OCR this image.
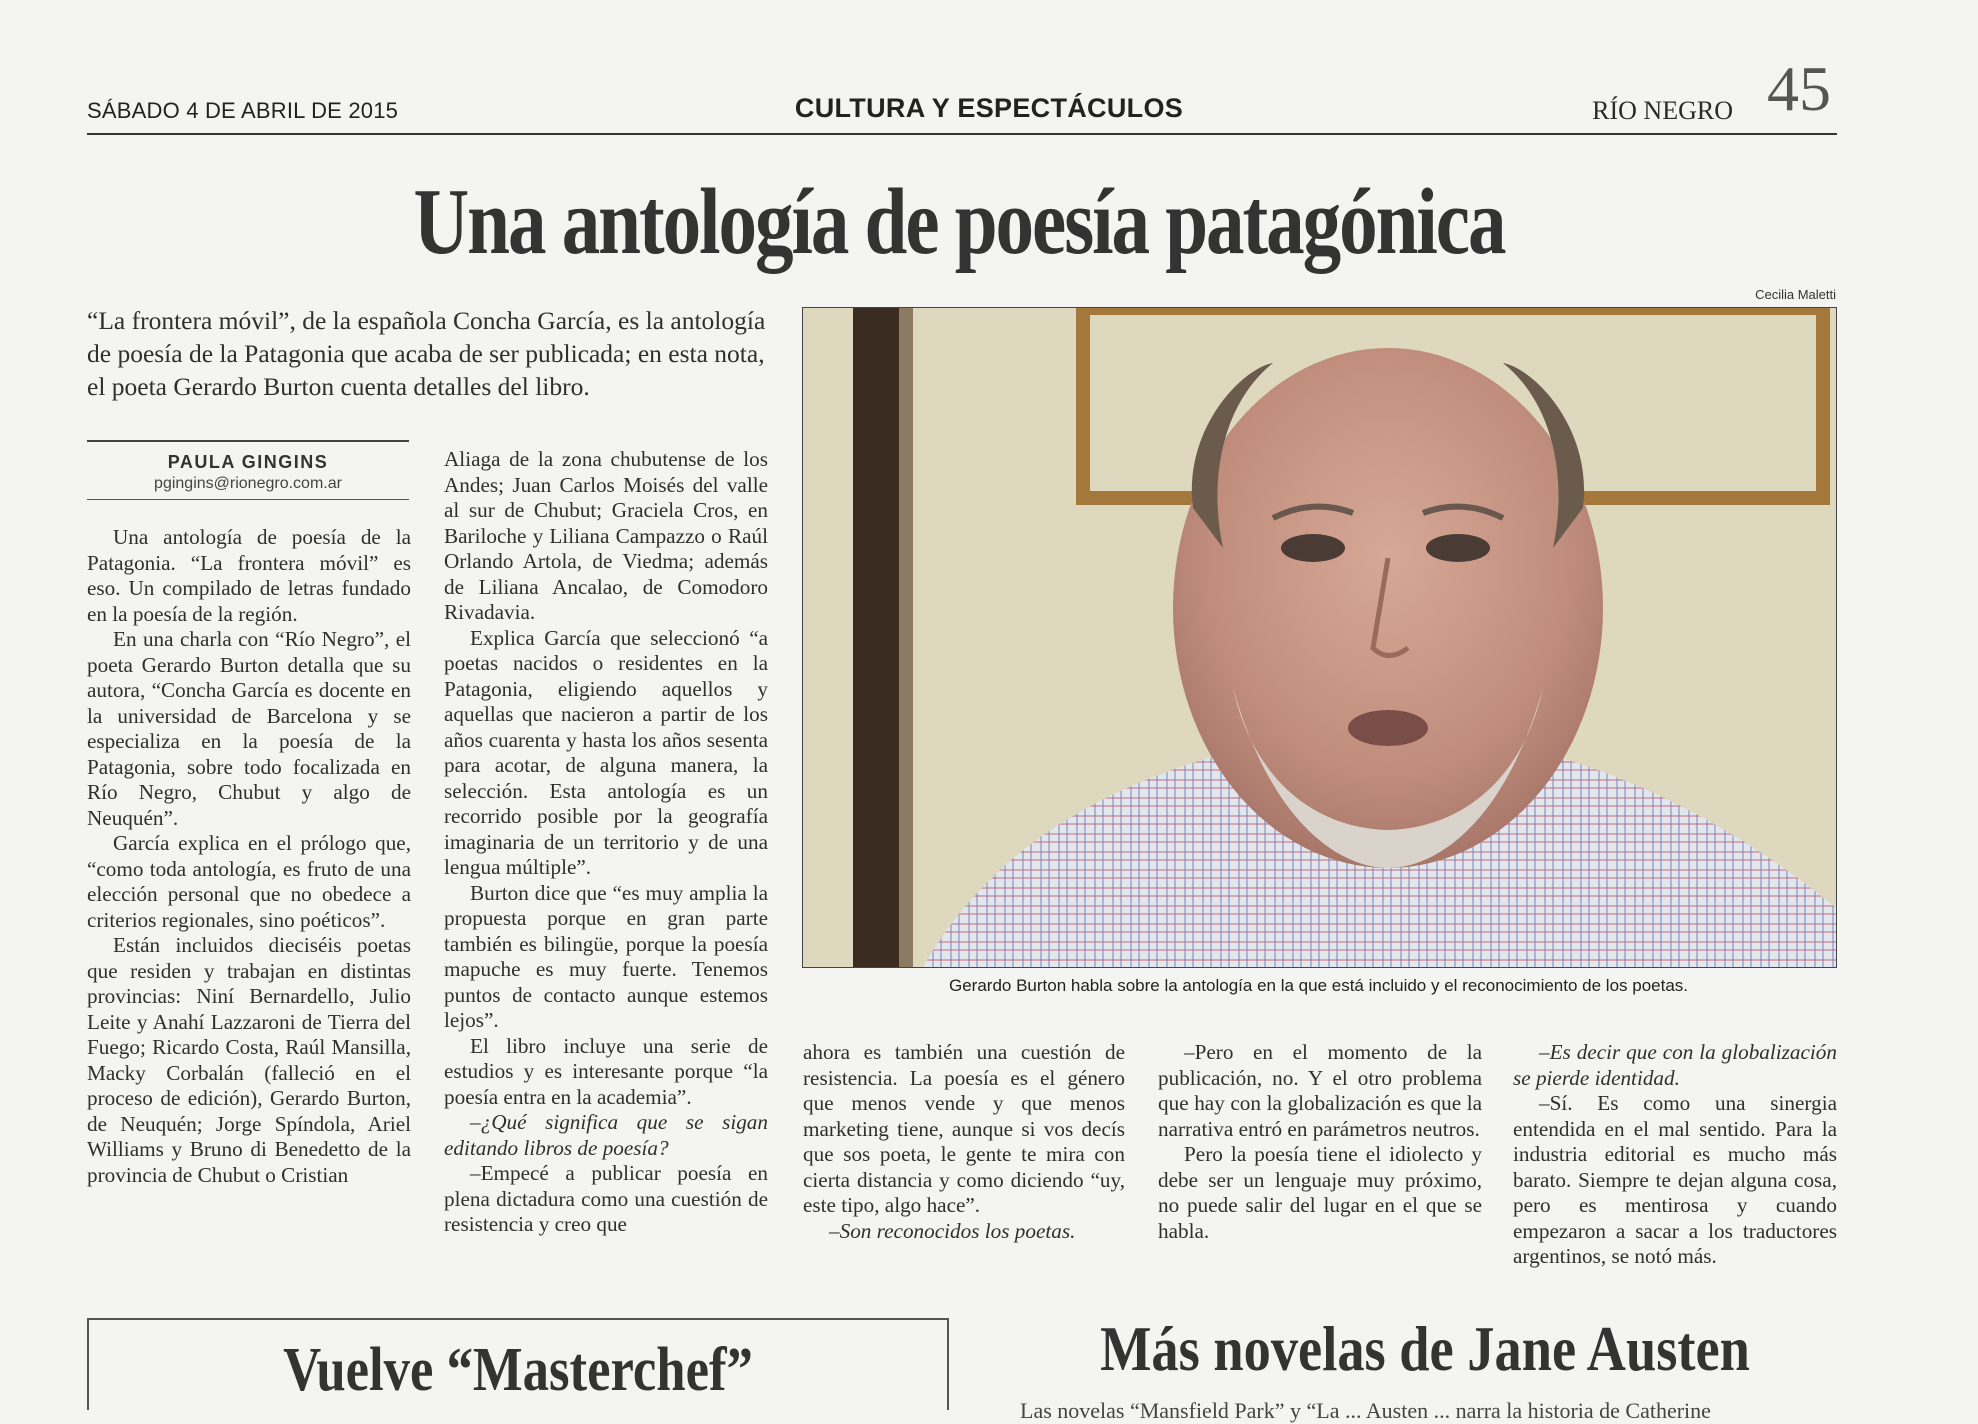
SÁBADO 4 DE ABRIL DE 2015	CULTURA Y ESPECTÁCULOS	RÍO NEGRO 45
Una antología de poesía patagónica
“La frontera móvil”, de la española Concha García, es la antología de poesía de la Patagonia que acaba de ser publicada; en esta nota, el poeta Gerardo Burton cuenta detalles del libro.
PAULA GINGINS
pgingins@rionegro.com.ar

Una antología de poesía de la Patagonia. “La frontera móvil” es eso. Un compilado de letras fundado en la poesía de la región.

En una charla con “Río Negro”, el poeta Gerardo Burton detalla que su autora, “Concha García es docente en la universidad de Barcelona y se especializa en la poesía de la Patagonia, sobre todo focalizada en Río Negro, Chubut y algo de Neuquén”.

García explica en el prólogo que, “como toda antología, es fruto de una elección personal que no obedece a criterios regionales, sino poéticos”.

Están incluidos dieciséis poetas que residen y trabajan en distintas provincias: Niní Bernardello, Julio Leite y Anahí Lazzaroni de Tierra del Fuego; Ricardo Costa, Raúl Mansilla, Macky Corbalán (falleció en el proceso de edición), Gerardo Burton, de Neuquén; Jorge Spíndola, Ariel Williams y Bruno di Benedetto de la provincia de Chubut o Cristian

Aliaga de la zona chubutense de los Andes; Juan Carlos Moisés del valle al sur de Chubut; Graciela Cros, en Bariloche y Liliana Campazzo o Raúl Orlando Artola, de Viedma; además de Liliana Ancalao, de Comodoro Rivadavia.

Explica García que seleccionó “a poetas nacidos o residentes en la Patagonia, eligiendo aquellos y aquellas que nacieron a partir de los años cuarenta y hasta los años sesenta para acotar, de alguna manera, la selección. Esta antología es un recorrido posible por la geografía imaginaria de un territorio y de una lengua múltiple”.

Burton dice que “es muy amplia la propuesta porque en gran parte también es bilingüe, porque la poesía mapuche es muy fuerte. Tenemos puntos de contacto aunque estemos lejos”.

El libro incluye una serie de estudios y es interesante porque “la poesía entra en la academia”.

–¿Qué significa que se sigan editando libros de poesía?

–Empecé a publicar poesía en plena dictadura como una cuestión de resistencia y creo que

Cecilia Maletti
Gerardo Burton habla sobre la antología en la que está incluido y el reconocimiento de los poetas.

ahora es también una cuestión de resistencia. La poesía es el género que menos vende y que menos marketing tiene, aunque si vos decís que sos poeta, le gente te mira con cierta distancia y como diciendo “uy, este tipo, algo hace”.

–Son reconocidos los poetas.

–Pero en el momento de la publicación, no. Y el otro problema que hay con la globalización es que la narrativa entró en parámetros neutros.

Pero la poesía tiene el idiolecto y debe ser un lenguaje muy próximo, no puede salir del lugar en el que se habla.

–Es decir que con la globalización se pierde identidad.

–Sí. Es como una sinergia entendida en el mal sentido. Para la industria editorial es mucho más barato. Siempre te dejan alguna cosa, pero es mentirosa y cuando empezaron a sacar a los traductores argentinos, se notó más.

Vuelve “Masterchef”	Más novelas de Jane Austen
Las novelas “Mansfield Park” y “La ... Austen ... narra la historia de Catherine
